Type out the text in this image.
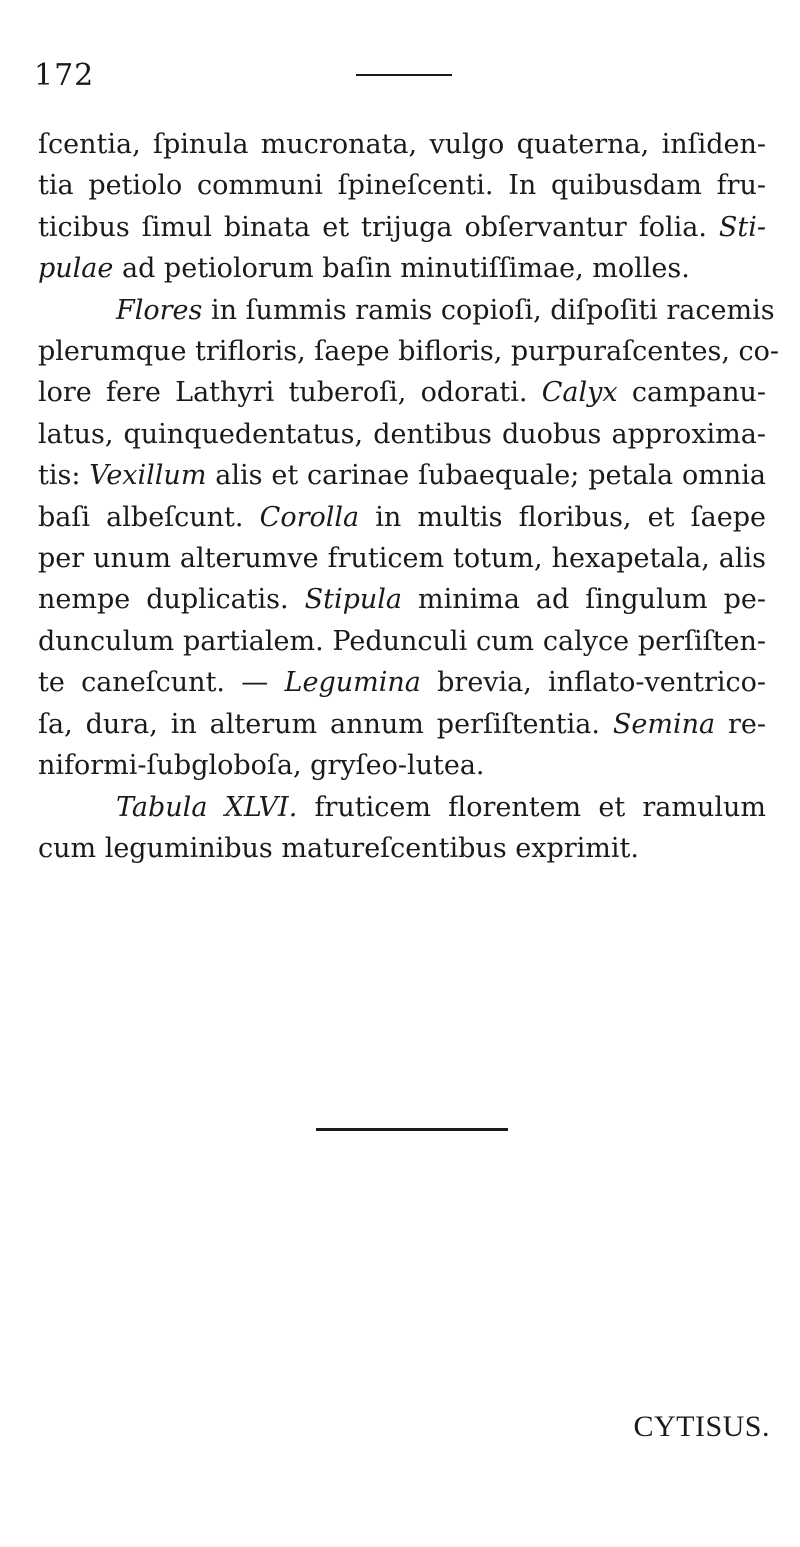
172
ſcentia, ſpinula mucronata, vulgo quaterna, inſiden-
tia petiolo communi ſpineſcenti. In quibusdam fru-
ticibus ſimul binata et trijuga obſervantur folia. Sti-
pulae ad petiolorum baſin minutiſſimae, molles.
Flores in ſummis ramis copioſi, diſpoſiti racemis
plerumque trifloris, ſaepe bifloris, purpuraſcentes, co-
lore fere Lathyri tuberoſi, odorati. Calyx campanu-
latus, quinquedentatus, dentibus duobus approxima-
tis: Vexillum alis et carinae ſubaequale; petala omnia
baſi albeſcunt. Corolla in multis floribus, et ſaepe
per unum alterumve fruticem totum, hexapetala, alis
nempe duplicatis. Stipula minima ad ſingulum pe-
dunculum partialem. Pedunculi cum calyce perſiſten-
te caneſcunt. — Legumina brevia, inflato-ventrico-
ſa, dura, in alterum annum perſiſtentia. Semina re-
niformi-ſubgloboſa, gryſeo-lutea.
Tabula XLVI. fruticem florentem et ramulum
cum leguminibus matureſcentibus exprimit.
CYTISUS.
